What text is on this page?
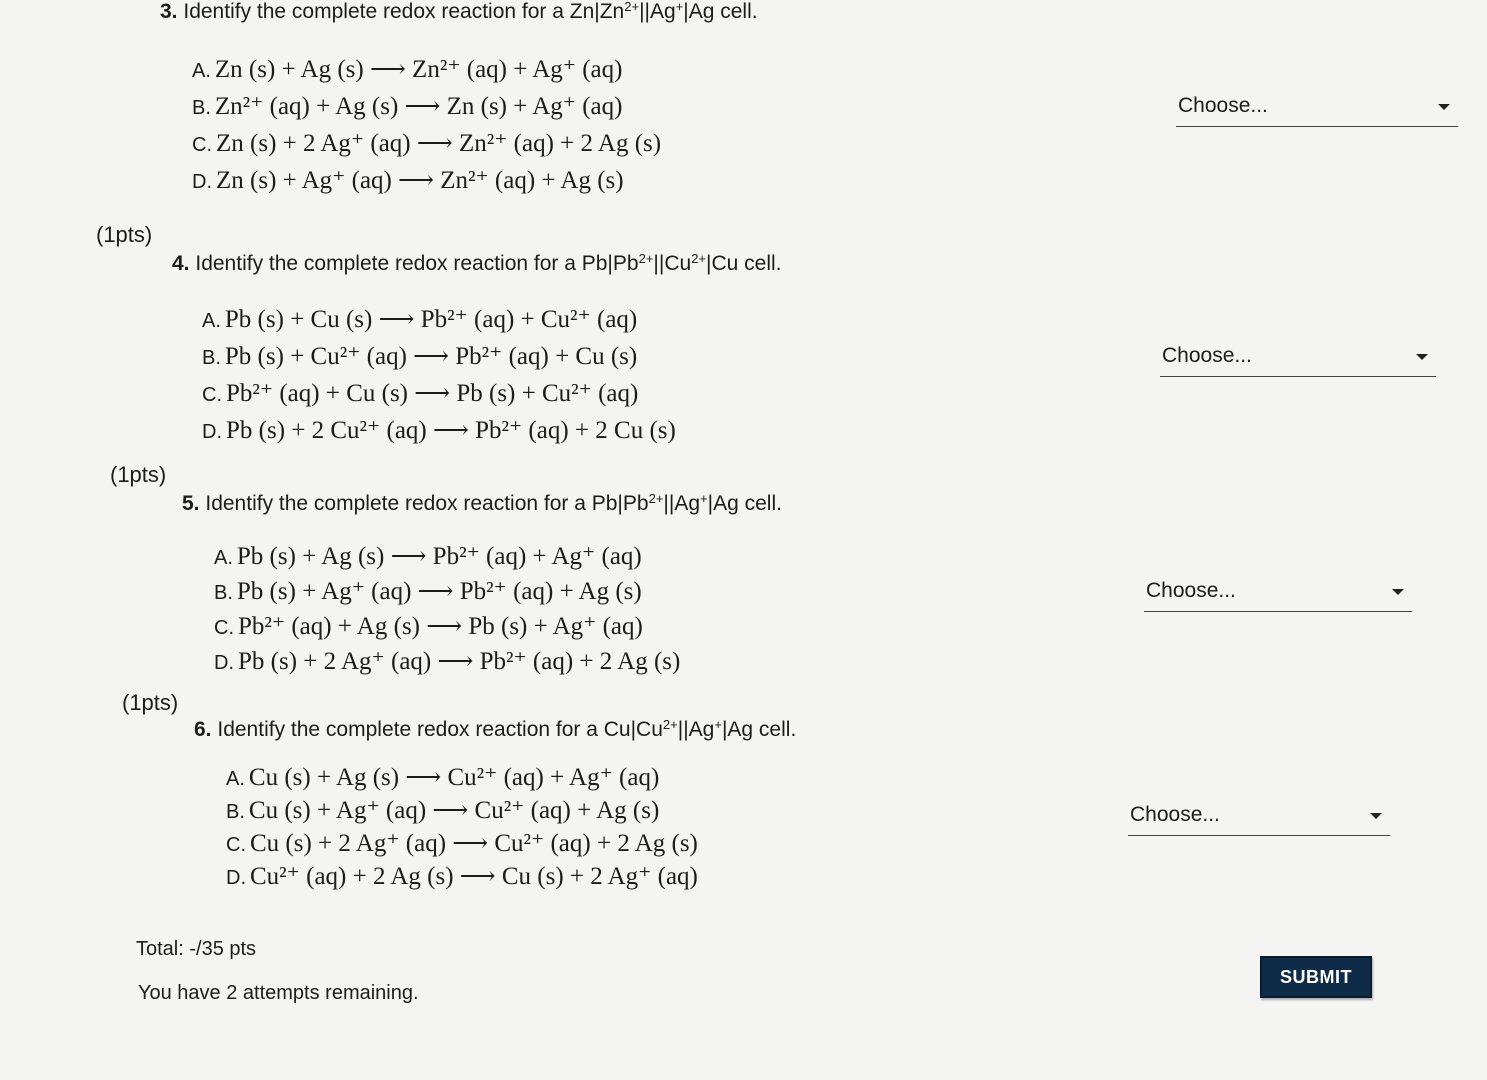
3. Identify the complete redox reaction for a $Zn|Zn^{2+}||Ag^+|Ag$ cell.
A. Zn (s) + Ag (s) ⟶ Zn²⁺ (aq) + Ag⁺ (aq)
B. Zn²⁺ (aq) + Ag (s) ⟶ Zn (s) + Ag⁺ (aq)
C. Zn (s) + 2 Ag⁺ (aq) ⟶ Zn²⁺ (aq) + 2 Ag (s)
D. Zn (s) + Ag⁺ (aq) ⟶ Zn²⁺ (aq) + Ag (s)
Choose...
(1pts)
4. Identify the complete redox reaction for a $Pb|Pb^{2+}||Cu^{2+}|Cu$ cell.
A. Pb (s) + Cu (s) ⟶ Pb²⁺ (aq) + Cu²⁺ (aq)
B. Pb (s) + Cu²⁺ (aq) ⟶ Pb²⁺ (aq) + Cu (s)
C. Pb²⁺ (aq) + Cu (s) ⟶ Pb (s) + Cu²⁺ (aq)
D. Pb (s) + 2 Cu²⁺ (aq) ⟶ Pb²⁺ (aq) + 2 Cu (s)
Choose...
(1pts)
5. Identify the complete redox reaction for a $Pb|Pb^{2+}||Ag^+|Ag$ cell.
A. Pb (s) + Ag (s) ⟶ Pb²⁺ (aq) + Ag⁺ (aq)
B. Pb (s) + Ag⁺ (aq) ⟶ Pb²⁺ (aq) + Ag (s)
C. Pb²⁺ (aq) + Ag (s) ⟶ Pb (s) + Ag⁺ (aq)
D. Pb (s) + 2 Ag⁺ (aq) ⟶ Pb²⁺ (aq) + 2 Ag (s)
Choose...
(1pts)
6. Identify the complete redox reaction for a $Cu|Cu^{2+}||Ag^+|Ag$ cell.
A. Cu (s) + Ag (s) ⟶ Cu²⁺ (aq) + Ag⁺ (aq)
B. Cu (s) + Ag⁺ (aq) ⟶ Cu²⁺ (aq) + Ag (s)
C. Cu (s) + 2 Ag⁺ (aq) ⟶ Cu²⁺ (aq) + 2 Ag (s)
D. Cu²⁺ (aq) + 2 Ag (s) ⟶ Cu (s) + 2 Ag⁺ (aq)
Choose...
Total: -/35 pts
You have 2 attempts remaining.
SUBMIT
